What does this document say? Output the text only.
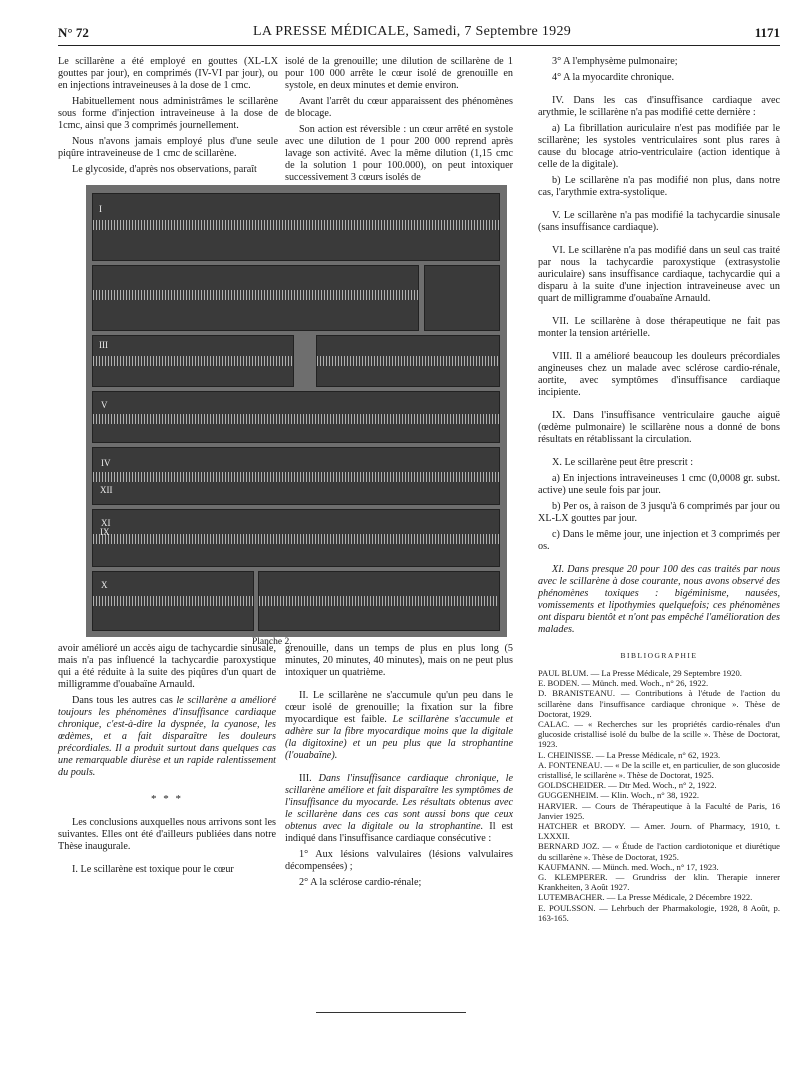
N° 72	LA PRESSE MÉDICALE, Samedi, 7 Septembre 1929	1171

Le scillarène a été employé en gouttes (XL-LX gouttes par jour), en comprimés (IV-VI par jour), ou en injections intraveineuses à la dose de 1 cmc.

Habituellement nous administrâmes le scillarène sous forme d'injection intraveineuse à la dose de 1cmc, ainsi que 3 comprimés journellement.

Nous n'avons jamais employé plus d'une seule piqûre intraveineuse de 1 cmc de scillarène.

Le glycoside, d'après nos observations, paraît

isolé de la grenouille; une dilution de scillarène de 1 pour 100 000 arrête le cœur isolé de grenouille en systole, en deux minutes et demie environ.

Avant l'arrêt du cœur apparaissent des phénomènes de blocage.

Son action est réversible : un cœur arrêté en systole avec une dilution de 1 pour 200 000 reprend après lavage son activité. Avec la même dilution (1,15 cmc de la solution 1 pour 100.000), on peut intoxiquer successivement 3 cœurs isolés de

I
III
V
IV
XI
X
IX
XII
Planche 2.

avoir amélioré un accès aigu de tachycardie sinusale, mais n'a pas influencé la tachycardie paroxystique qui a été réduite à la suite des piqûres d'un quart de milligramme d'ouabaïne Arnauld.

Dans tous les autres cas le scillarène a amélioré toujours les phénomènes d'insuffisance cardiaque chronique, c'est-à-dire la dyspnée, la cyanose, les œdèmes, et a fait disparaître les douleurs précordiales. Il a produit surtout dans quelques cas une remarquable diurèse et un rapide ralentissement du pouls.

* * *

Les conclusions auxquelles nous arrivons sont les suivantes. Elles ont été d'ailleurs publiées dans notre Thèse inaugurale.

I. Le scillarène est toxique pour le cœur

grenouille, dans un temps de plus en plus long (5 minutes, 20 minutes, 40 minutes), mais on ne peut plus intoxiquer un quatrième.

II. Le scillarène ne s'accumule qu'un peu dans le cœur isolé de grenouille; la fixation sur la fibre myocardique est faible. Le scillarène s'accumule et adhère sur la fibre myocardique moins que la digitale (la digitoxine) et un peu plus que la strophantine (l'ouabaïne).

III. Dans l'insuffisance cardiaque chronique, le scillarène améliore et fait disparaître les symptômes de l'insuffisance du myocarde. Les résultats obtenus avec le scillarène dans ces cas sont aussi bons que ceux obtenus avec la digitale ou la strophantine. Il est indiqué dans l'insuffisance cardiaque consécutive :

1° Aux lésions valvulaires (lésions valvulaires décompensées) ;

2° A la sclérose cardio-rénale;

3° A l'emphysème pulmonaire;

4° A la myocardite chronique.

IV. Dans les cas d'insuffisance cardiaque avec arythmie, le scillarène n'a pas modifié cette dernière :

a) La fibrillation auriculaire n'est pas modifiée par le scillarène; les systoles ventriculaires sont plus rares à cause du blocage atrio-ventriculaire (action identique à celle de la digitale).

b) Le scillarène n'a pas modifié non plus, dans notre cas, l'arythmie extra-systolique.

V. Le scillarène n'a pas modifié la tachycardie sinusale (sans insuffisance cardiaque).

VI. Le scillarène n'a pas modifié dans un seul cas traité par nous la tachycardie paroxystique (extrasystolie auriculaire) sans insuffisance cardiaque, tachycardie qui a disparu à la suite d'une injection intraveineuse avec un quart de milligramme d'ouabaïne Arnauld.

VII. Le scillarène à dose thérapeutique ne fait pas monter la tension artérielle.

VIII. Il a amélioré beaucoup les douleurs précordiales angineuses chez un malade avec sclérose cardio-rénale, aortite, avec symptômes d'insuffisance cardiaque incipiente.

IX. Dans l'insuffisance ventriculaire gauche aiguë (œdème pulmonaire) le scillarène nous a donné de bons résultats en rétablissant la circulation.

X. Le scillarène peut être prescrit :

a) En injections intraveineuses 1 cmc (0,0008 gr. subst. active) une seule fois par jour.

b) Per os, à raison de 3 jusqu'à 6 comprimés par jour ou XL-LX gouttes par jour.

c) Dans le même jour, une injection et 3 comprimés per os.

XI. Dans presque 20 pour 100 des cas traités par nous avec le scillarène à dose courante, nous avons observé des phénomènes toxiques : bigéminisme, nausées, vomissements et lipothymies quelquefois; ces phénomènes ont disparu bientôt et n'ont pas empêché l'amélioration des malades.

BIBLIOGRAPHIE

PAUL BLUM. — La Presse Médicale, 29 Septembre 1920.

E. BODEN. — Münch. med. Woch., n° 26, 1922.

D. BRANISTEANU. — Contributions à l'étude de l'action du scillarène dans l'insuffisance cardiaque chronique ». Thèse de Doctorat, 1929.

CALAC. — « Recherches sur les propriétés cardio-rénales d'un glucoside cristallisé isolé du bulbe de la scille ». Thèse de Doctorat, 1923.

L. CHEINISSE. — La Presse Médicale, n° 62, 1923.

A. FONTENEAU. — « De la scille et, en particulier, de son glucoside cristallisé, le scillarène ». Thèse de Doctorat, 1925.

GOLDSCHEIDER. — Dtr Med. Woch., n° 2, 1922.

GUGGENHEIM. — Klin. Woch., n° 38, 1922.

HARVIER. — Cours de Thérapeutique à la Faculté de Paris, 16 Janvier 1925.

HATCHER et BRODY. — Amer. Journ. of Pharmacy, 1910, t. LXXXII.

BERNARD JOZ. — « Étude de l'action cardiotonique et diurétique du scillarène ». Thèse de Doctorat, 1925.

KAUFMANN. — Münch. med. Woch., n° 17, 1923.

G. KLEMPERER. — Grundriss der klin. Therapie innerer Krankheiten, 3 Août 1927.

LUTEMBACHER. — La Presse Médicale, 2 Décembre 1922.

E. POULSSON. — Lehrbuch der Pharmakologie, 1928, 8 Août, p. 163-165.
